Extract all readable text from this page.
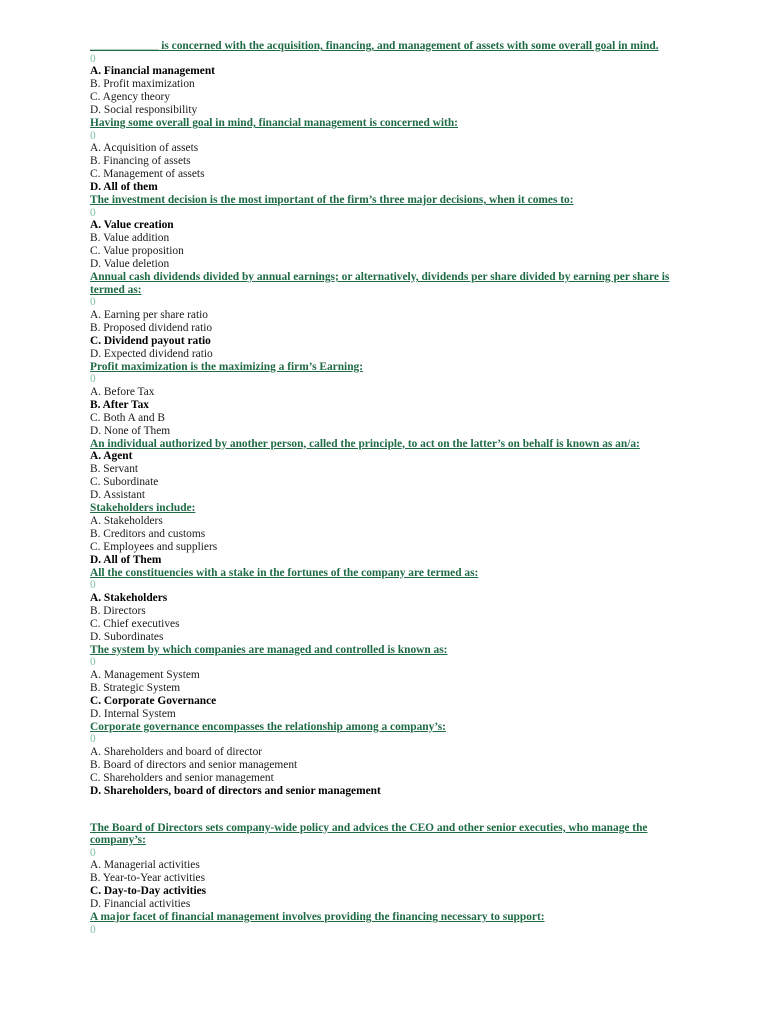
____________ is concerned with the acquisition, financing, and management of assets with some overall goal in mind.

0

A. Financial management

B. Profit maximization

C. Agency theory

D. Social responsibility

Having some overall goal in mind, financial management is concerned with:

0

A. Acquisition of assets

B. Financing of assets

C. Management of assets

D. All of them

The investment decision is the most important of the firm’s three major decisions, when it comes to:

0

A. Value creation

B. Value addition

C. Value proposition

D. Value deletion

Annual cash dividends divided by annual earnings; or alternatively, dividends per share divided by earning per share is termed as:

0

A. Earning per share ratio

B. Proposed dividend ratio

C. Dividend payout ratio

D. Expected dividend ratio

Profit maximization is the maximizing a firm’s Earning:

0

A. Before Tax

B. After Tax

C. Both A and B

D. None of Them

An individual authorized by another person, called the principle, to act on the latter’s on behalf is known as an/a:

A. Agent

B. Servant

C. Subordinate

D. Assistant

Stakeholders include:

A. Stakeholders

B. Creditors and customs

C. Employees and suppliers

D. All of Them

All the constituencies with a stake in the fortunes of the company are termed as:

0

A. Stakeholders

B. Directors

C. Chief executives

D. Subordinates

The system by which companies are managed and controlled is known as:

0

A. Management System

B. Strategic System

C. Corporate Governance

D. Internal System

Corporate governance encompasses the relationship among a company’s:

0

A. Shareholders and board of director

B. Board of directors and senior management

C. Shareholders and senior management

D. Shareholders, board of directors and senior management

The Board of Directors sets company-wide policy and advices the CEO and other senior executies, who manage the company’s:

0

A. Managerial activities

B. Year-to-Year activities

C. Day-to-Day activities

D. Financial activities

A major facet of financial management involves providing the financing necessary to support:

0
